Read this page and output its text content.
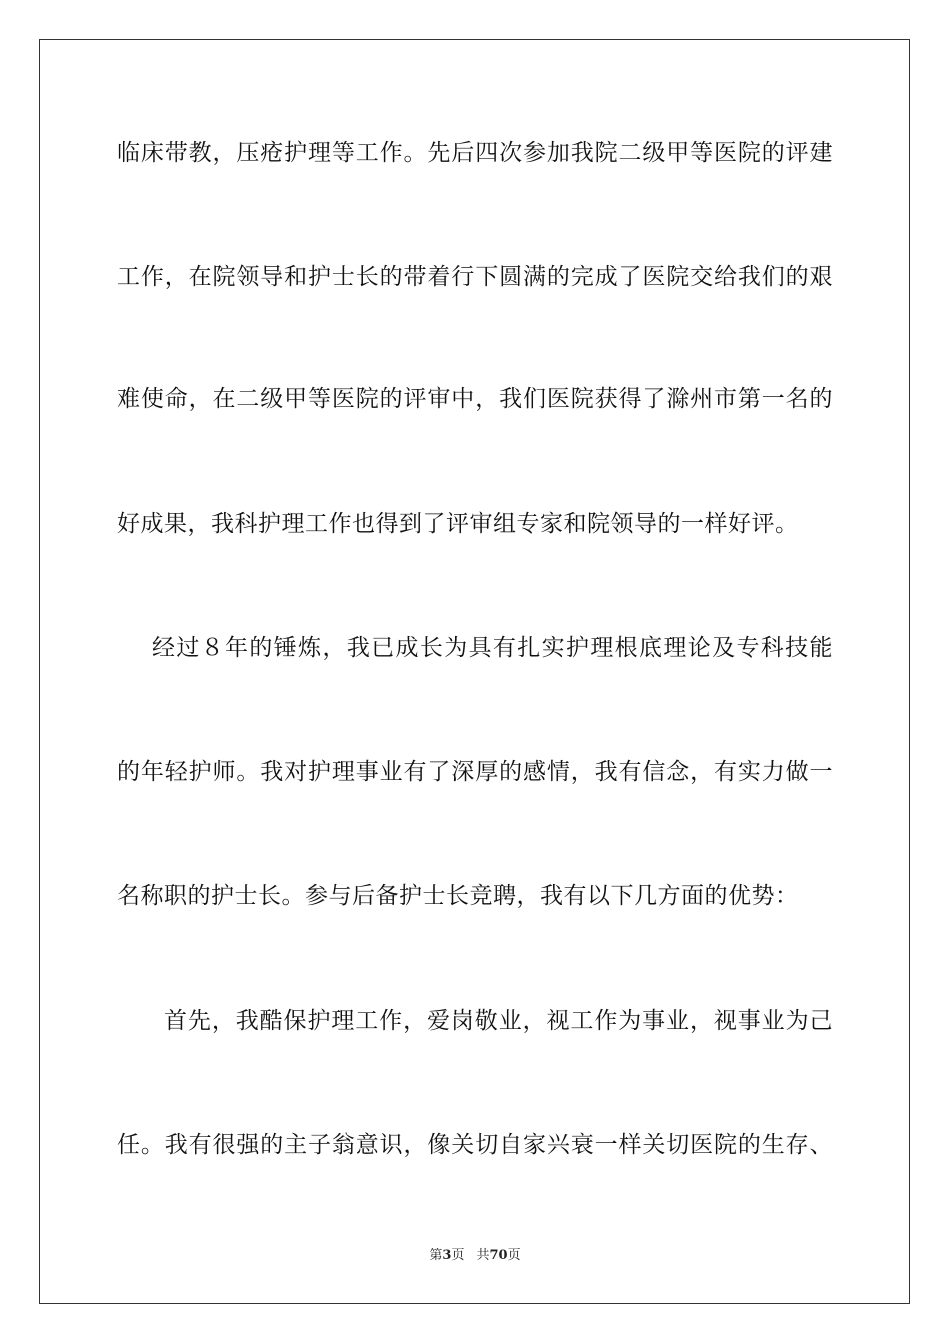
临床带教，压疮护理等工作。先后四次参加我院二级甲等医院的评建
工作，在院领导和护士长的带着行下圆满的完成了医院交给我们的艰
难使命，在二级甲等医院的评审中，我们医院获得了滁州市第一名的
好成果，我科护理工作也得到了评审组专家和院领导的一样好评。
经过８年的锤炼，我已成长为具有扎实护理根底理论及专科技能
的年轻护师。我对护理事业有了深厚的感情，我有信念，有实力做一
名称职的护士长。参与后备护士长竞聘，我有以下几方面的优势：
首先，我酷保护理工作，爱岗敬业，视工作为事业，视事业为己
任。我有很强的主子翁意识，像关切自家兴衰一样关切医院的生存、
第3页 共70页
